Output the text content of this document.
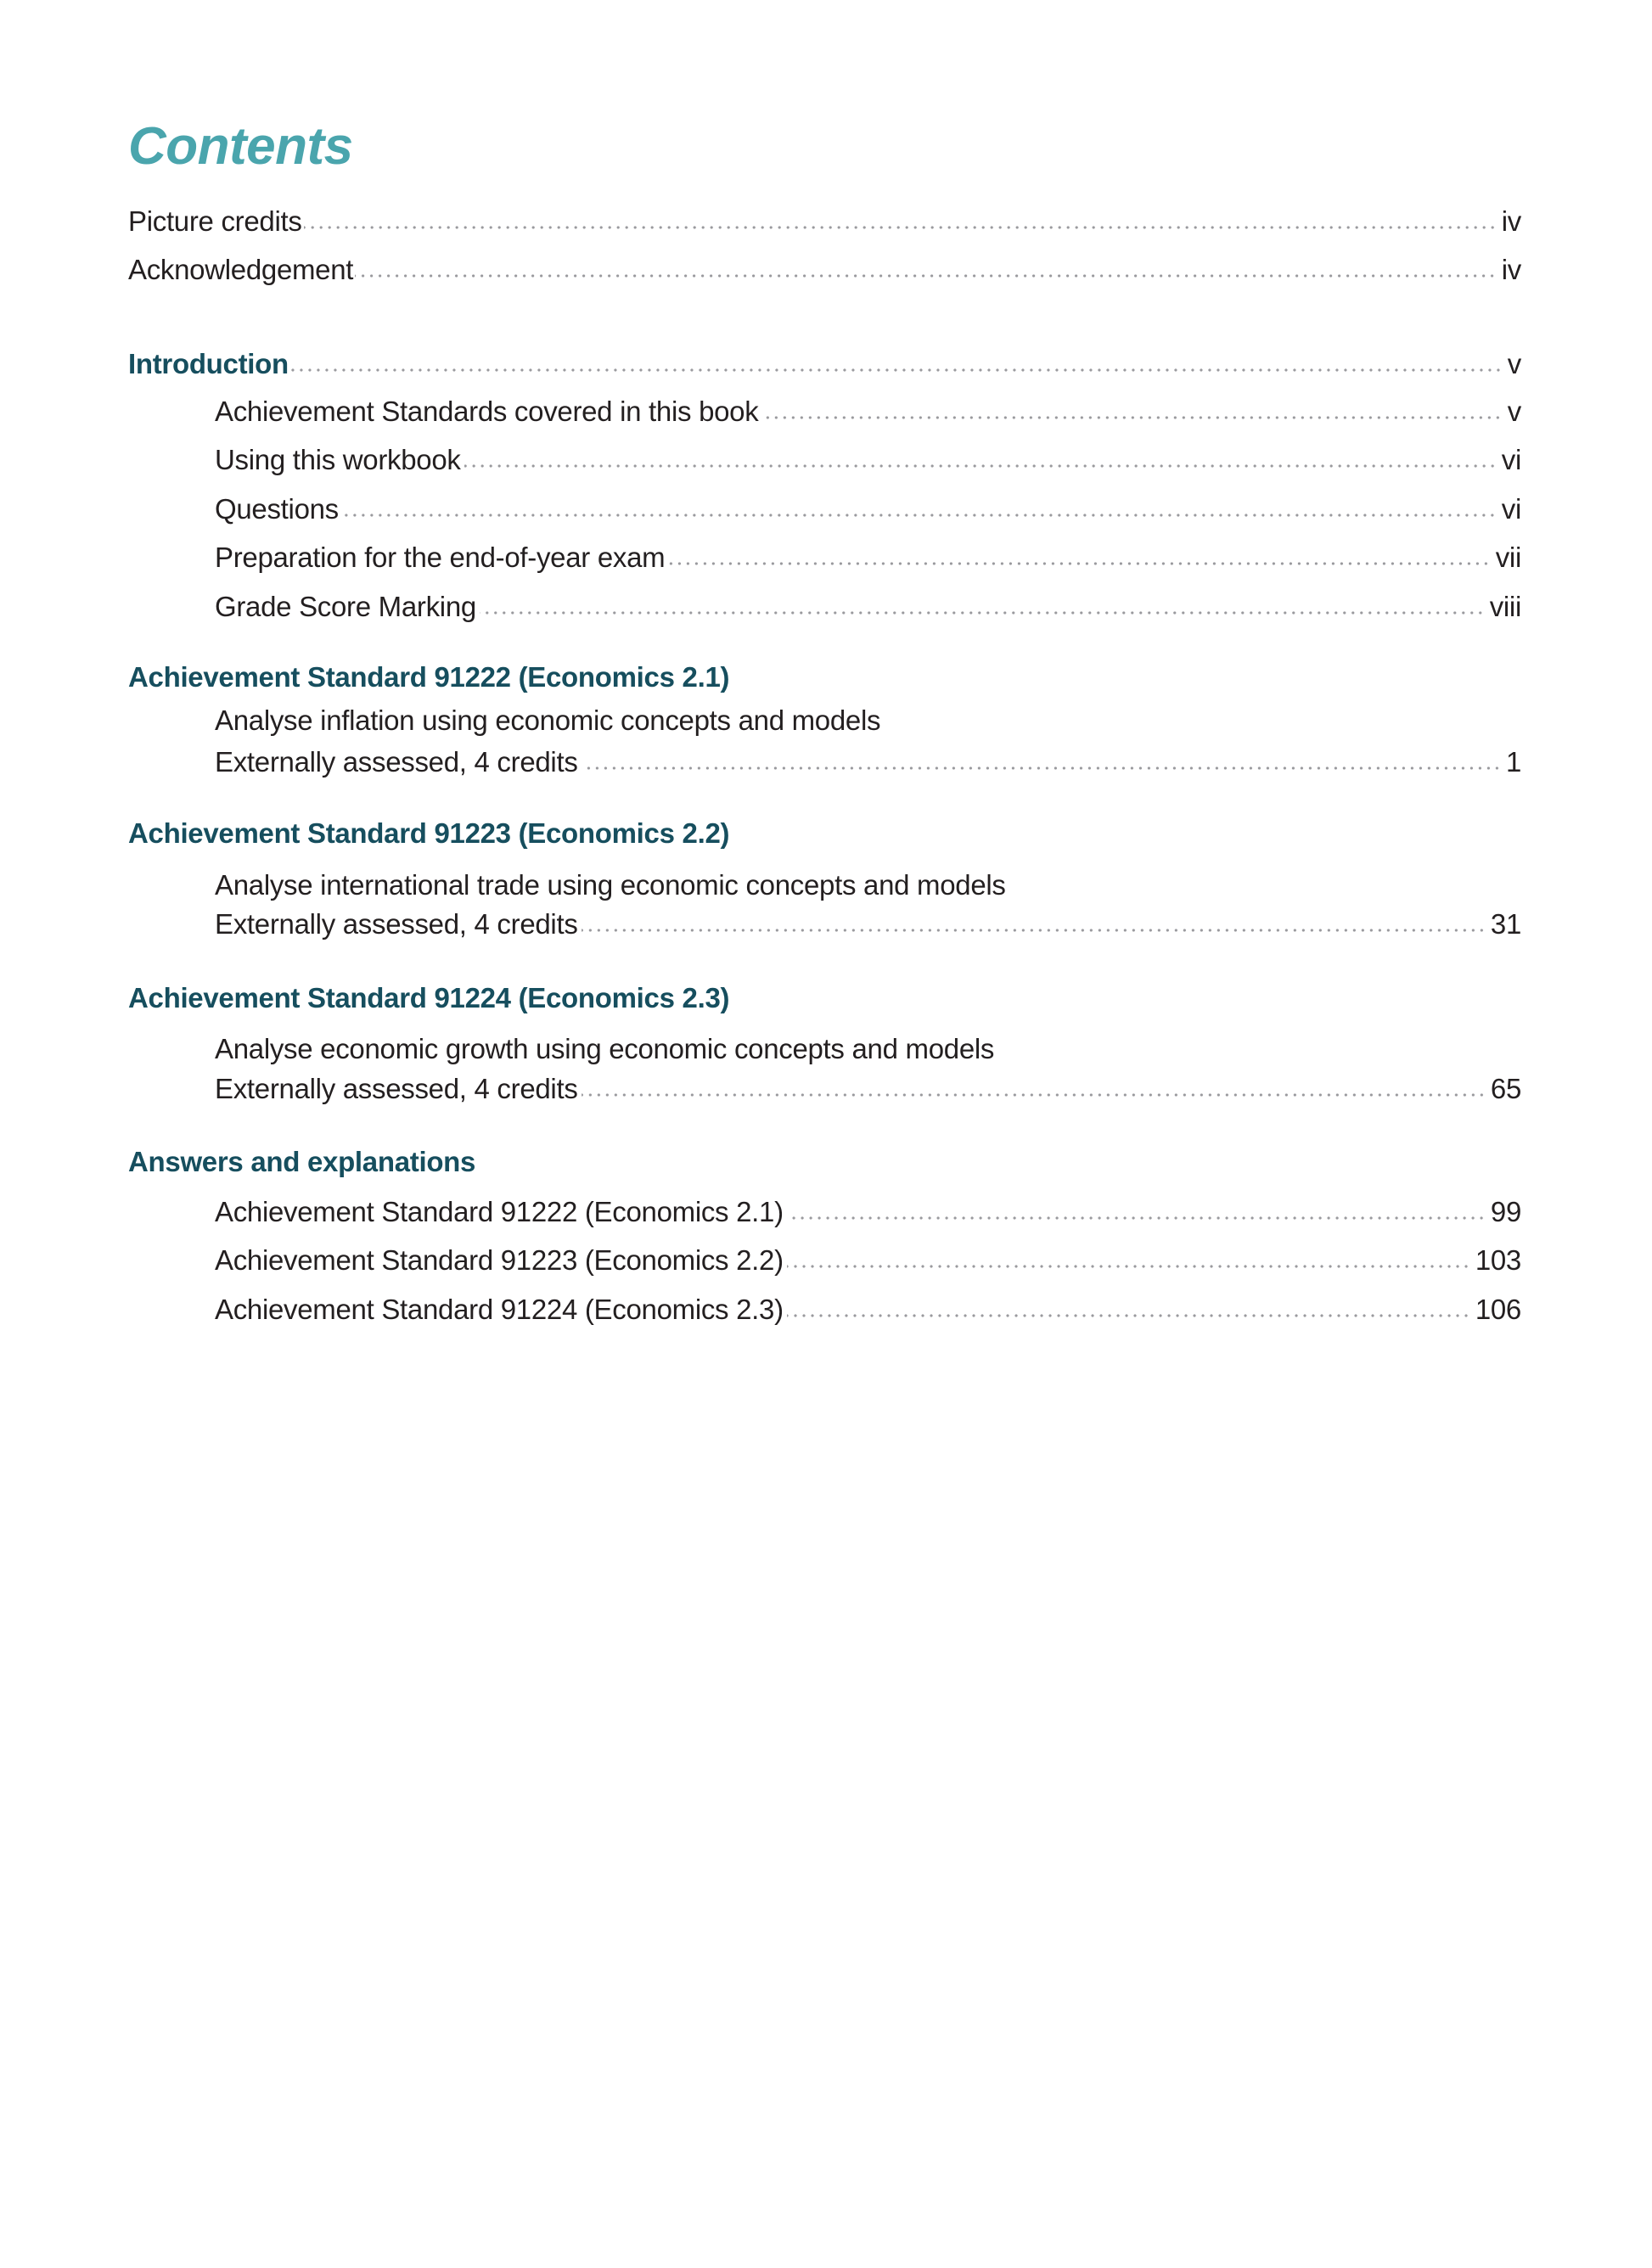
Contents
Picture credits	iv
Acknowledgement	iv
Introduction	v
Achievement Standards covered in this book	v
Using this workbook	vi
Questions	vi
Preparation for the end-of-year exam	vii
Grade Score Marking	viii
Achievement Standard 91222 (Economics 2.1)
Analyse inflation using economic concepts and models
Externally assessed, 4 credits	1
Achievement Standard 91223 (Economics 2.2)
Analyse international trade using economic concepts and models
Externally assessed, 4 credits	31
Achievement Standard 91224 (Economics 2.3)
Analyse economic growth using economic concepts and models
Externally assessed, 4 credits	65
Answers and explanations
Achievement Standard 91222 (Economics 2.1)	99
Achievement Standard 91223 (Economics 2.2)	103
Achievement Standard 91224 (Economics 2.3)	106
